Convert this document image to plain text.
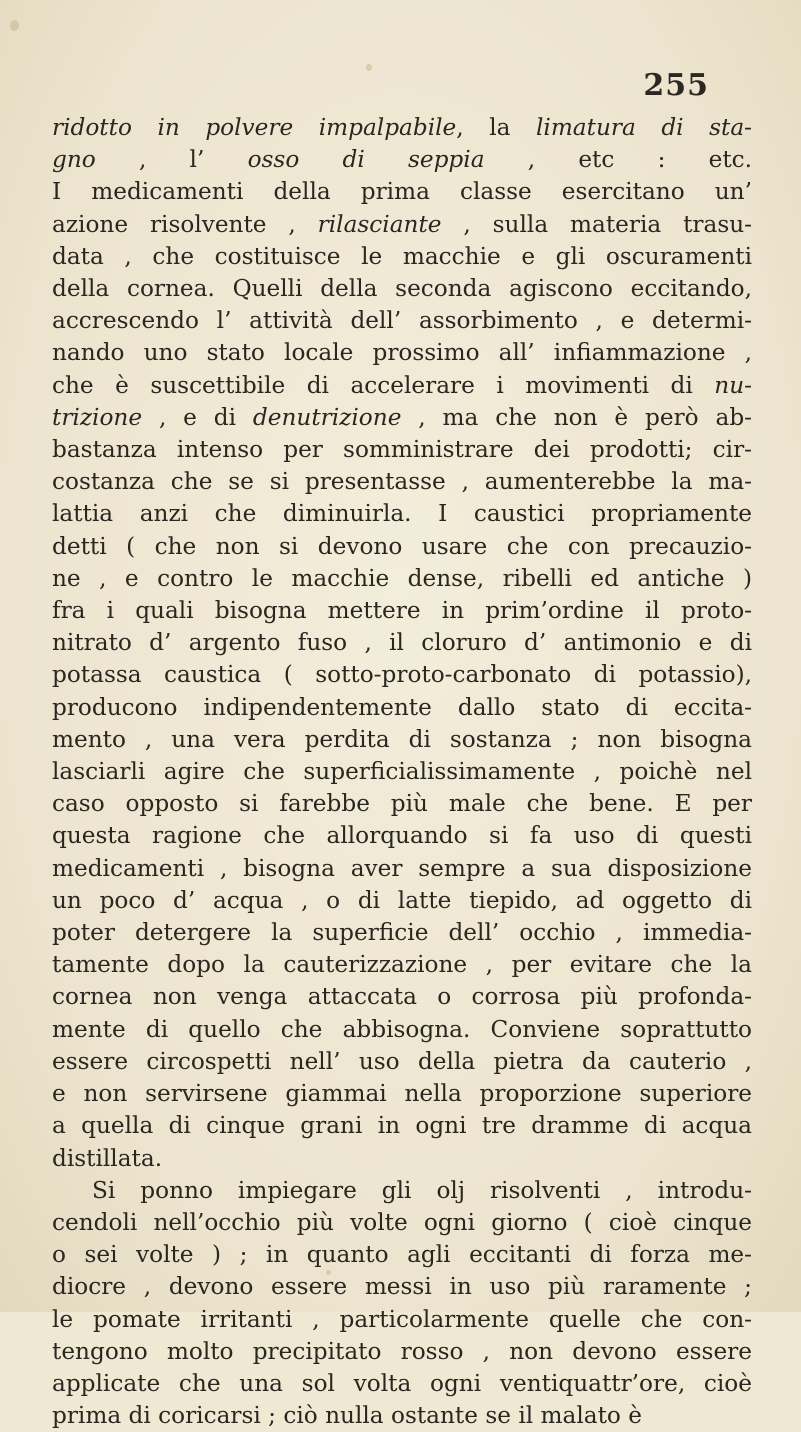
255

ridotto in polvere impalpabile, la limatura di sta-
gno , l’ osso di seppia , etc : etc.
I medicamenti della prima classe esercitano un’
azione risolvente , rilasciante , sulla materia trasu-
data , che costituisce le macchie e gli oscuramenti
della cornea. Quelli della seconda agiscono eccitando,
accrescendo l’ attività dell’ assorbimento , e determi-
nando uno stato locale prossimo all’ infiammazione ,
che è suscettibile di accelerare i movimenti di nu-
trizione , e di denutrizione , ma che non è però ab-
bastanza intenso per somministrare dei prodotti; cir-
costanza che se si presentasse , aumenterebbe la ma-
lattia anzi che diminuirla. I caustici propriamente
detti ( che non si devono usare che con precauzio-
ne , e contro le macchie dense, ribelli ed antiche )
fra i quali bisogna mettere in prim’ordine il proto-
nitrato d’ argento fuso , il cloruro d’ antimonio e di
potassa caustica ( sotto-proto-carbonato di potassio),
producono indipendentemente dallo stato di eccita-
mento , una vera perdita di sostanza ; non bisogna
lasciarli agire che superficialissimamente , poichè nel
caso opposto si farebbe più male che bene. E per
questa ragione che allorquando si fa uso di questi
medicamenti , bisogna aver sempre a sua disposizione
un poco d’ acqua , o di latte tiepido, ad oggetto di
poter detergere la superficie dell’ occhio , immedia-
tamente dopo la cauterizzazione , per evitare che la
cornea non venga attaccata o corrosa più profonda-
mente di quello che abbisogna. Conviene soprattutto
essere circospetti nell’ uso della pietra da cauterio ,
e non servirsene giammai nella proporzione superiore
a quella di cinque grani in ogni tre dramme di acqua
distillata.

Si ponno impiegare gli olj risolventi , introdu-
cendoli nell’occhio più volte ogni giorno ( cioè cinque
o sei volte ) ; in quanto agli eccitanti di forza me-
diocre , devono essere messi in uso più raramente ;
le pomate irritanti , particolarmente quelle che con-
tengono molto precipitato rosso , non devono essere
applicate che una sol volta ogni ventiquattr’ore, cioè
prima di coricarsi ; ciò nulla ostante se il malato è
